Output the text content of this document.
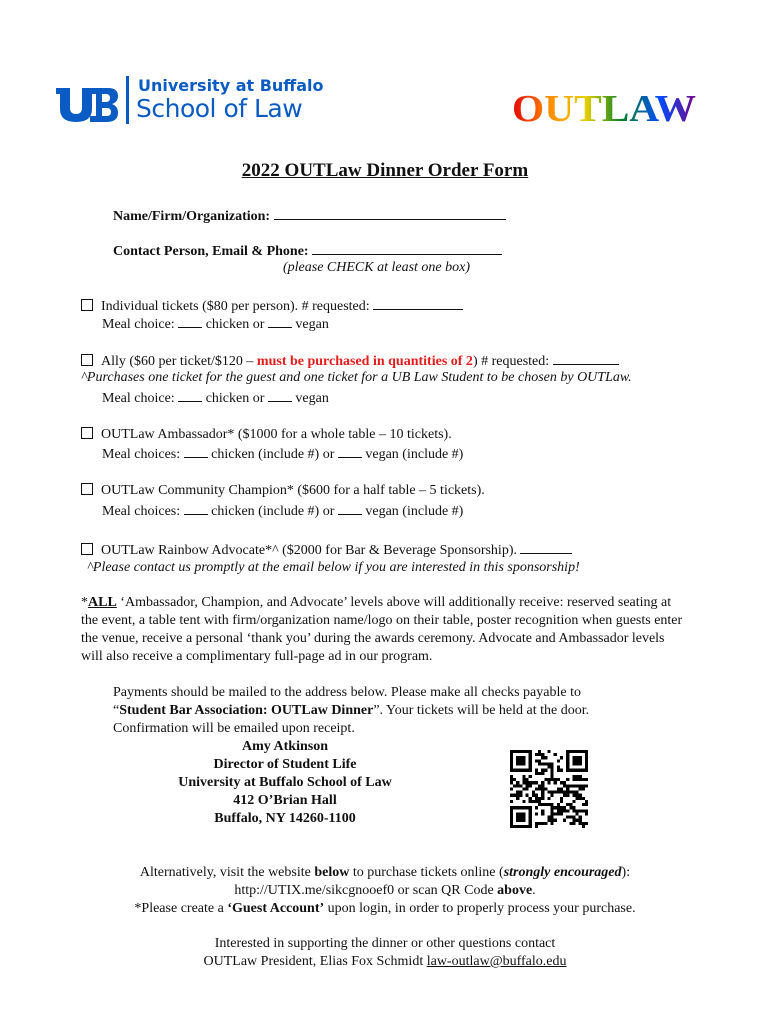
University at Buffalo
School of Law	OUTLAW
2022 OUTLaw Dinner Order Form
Name/Firm/Organization:
Contact Person, Email & Phone:
(please CHECK at least one box)
Individual tickets ($80 per person). # requested:
Meal choice: chicken or vegan
Ally ($60 per ticket/$120 – must be purchased in quantities of 2) # requested:
^Purchases one ticket for the guest and one ticket for a UB Law Student to be chosen by OUTLaw.
Meal choice: chicken or vegan
OUTLaw Ambassador* ($1000 for a whole table – 10 tickets).
Meal choices: chicken (include #) or vegan (include #)
OUTLaw Community Champion* ($600 for a half table – 5 tickets).
Meal choices: chicken (include #) or vegan (include #)
OUTLaw Rainbow Advocate*^ ($2000 for Bar & Beverage Sponsorship).
^Please contact us promptly at the email below if you are interested in this sponsorship!
*ALL ‘Ambassador, Champion, and Advocate’ levels above will additionally receive: reserved seating at the event, a table tent with firm/organization name/logo on their table, poster recognition when guests enter the venue, receive a personal ‘thank you’ during the awards ceremony. Advocate and Ambassador levels will also receive a complimentary full-page ad in our program.
Payments should be mailed to the address below. Please make all checks payable to
“Student Bar Association: OUTLaw Dinner”. Your tickets will be held at the door.
Confirmation will be emailed upon receipt.
Amy Atkinson
Director of Student Life
University at Buffalo School of Law
412 O’Brian Hall
Buffalo, NY 14260-1100
Alternatively, visit the website below to purchase tickets online (strongly encouraged):
http://UTIX.me/sikcgnooef0 or scan QR Code above.
*Please create a ‘Guest Account’ upon login, in order to properly process your purchase.
Interested in supporting the dinner or other questions contact
OUTLaw President, Elias Fox Schmidt law-outlaw@buffalo.edu
